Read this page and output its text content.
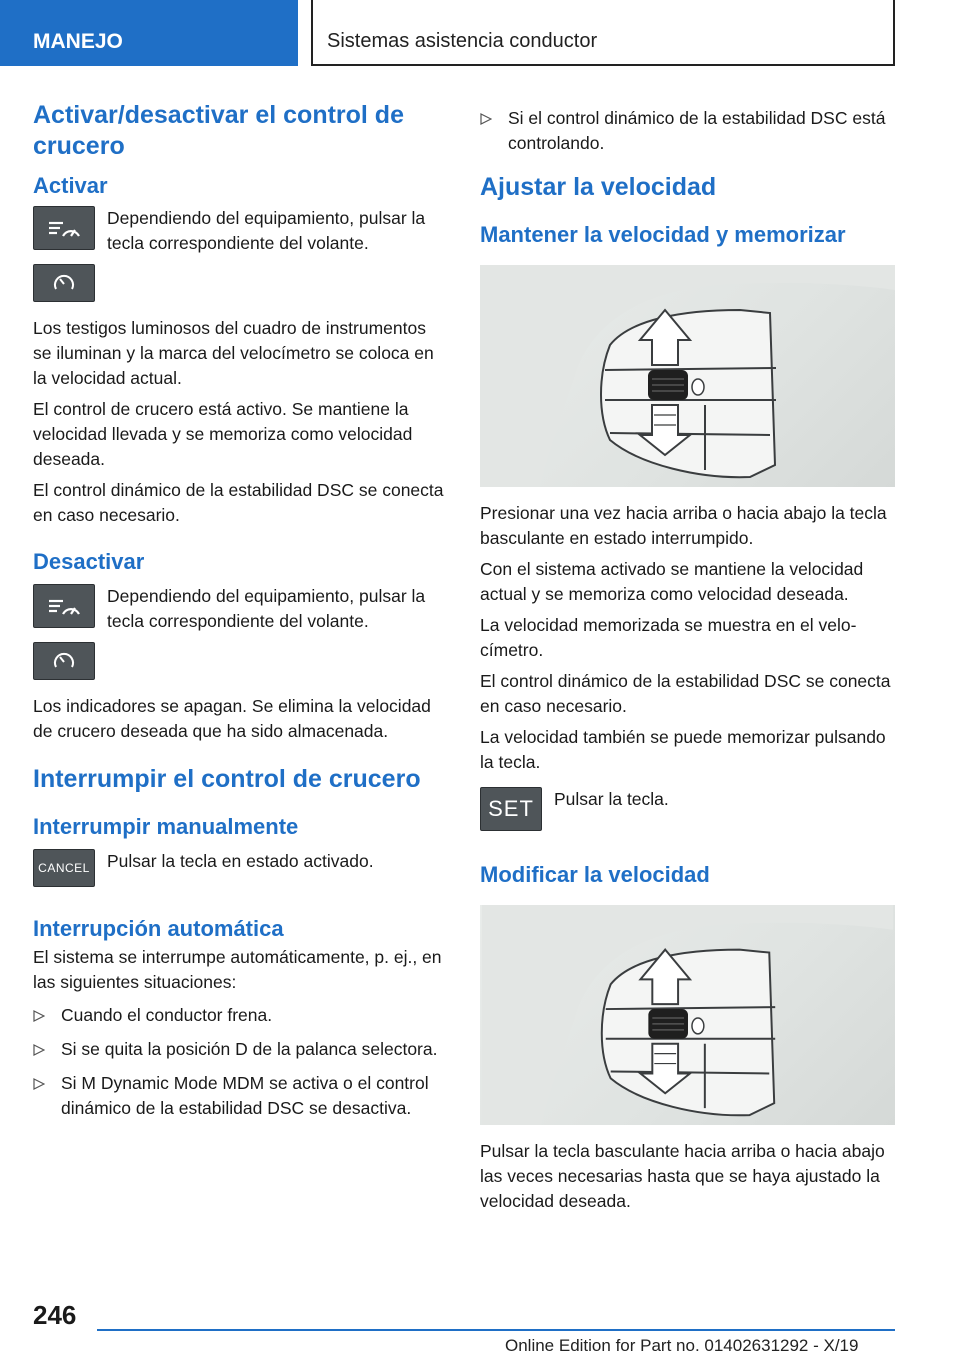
MANEJO	Sistemas asistencia conductor
Activar/desactivar el control de crucero
Activar

Dependiendo del equipamiento, pulsar la tecla correspondiente del volante.

Los testigos luminosos del cuadro de instrumentos se iluminan y la marca del velocímetro se coloca en la velocidad actual.

El control de crucero está activo. Se mantiene la velocidad llevada y se memoriza como velocidad deseada.

El control dinámico de la estabilidad DSC se conecta en caso necesario.

Desactivar

Dependiendo del equipamiento, pulsar la tecla correspondiente del volante.

Los indicadores se apagan. Se elimina la velocidad de crucero deseada que ha sido almacenada.

Interrumpir el control de crucero
Interrumpir manualmente
CANCEL Pulsar la tecla en estado activado.

Interrupción automática

El sistema se interrumpe automáticamente, p. ej., en las siguientes situaciones:

Cuando el conductor frena.
Si se quita la posición D de la palanca selectora.
Si M Dynamic Mode MDM se activa o el control dinámico de la estabilidad DSC se desactiva.
Si el control dinámico de la estabilidad DSC está controlando.
Ajustar la velocidad
Mantener la velocidad y memorizar

Presionar una vez hacia arriba o hacia abajo la tecla basculante en estado interrumpido.

Con el sistema activado se mantiene la velocidad actual y se memoriza como velocidad deseada.

La velocidad memorizada se muestra en el velocímetro.

El control dinámico de la estabilidad DSC se conecta en caso necesario.

La velocidad también se puede memorizar pulsando la tecla.

SET Pulsar la tecla.

Modificar la velocidad

Pulsar la tecla basculante hacia arriba o hacia abajo las veces necesarias hasta que se haya ajustado la velocidad deseada.

246
Online Edition for Part no. 01402631292 - X/19
